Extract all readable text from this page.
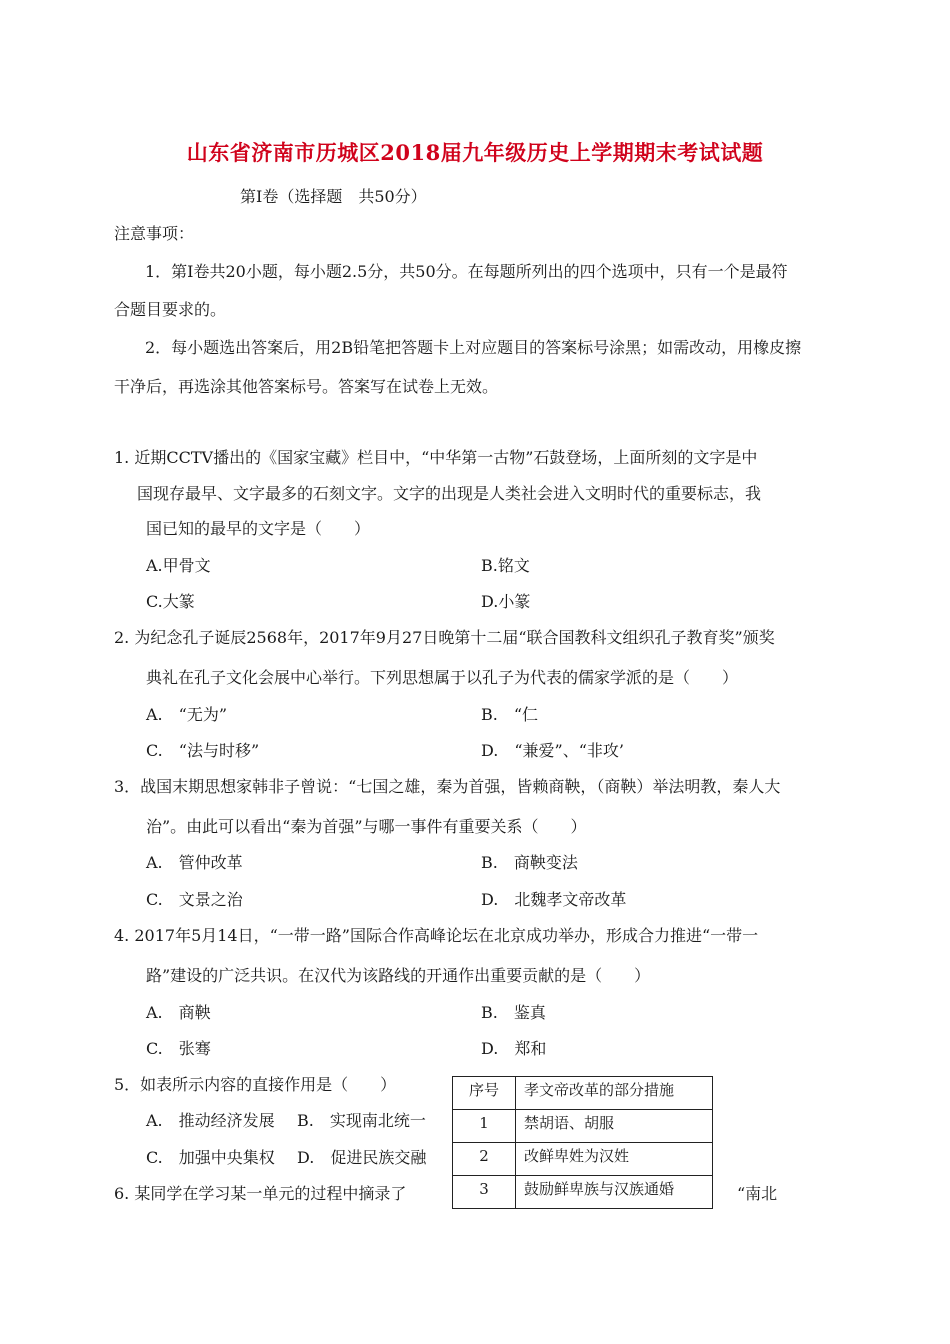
山东省济南市历城区2018届九年级历史上学期期末考试试题
第Ⅰ卷（选择题　共50分）
注意事项：
1．第Ⅰ卷共20小题，每小题2.5分，共50分。在每题所列出的四个选项中，只有一个是最符
合题目要求的。
2．每小题选出答案后，用2B铅笔把答题卡上对应题目的答案标号涂黑；如需改动，用橡皮擦
干净后，再选涂其他答案标号。答案写在试卷上无效。
1. 近期CCTV播出的《国家宝藏》栏目中，“中华第一古物”石鼓登场，上面所刻的文字是中
国现存最早、文字最多的石刻文字。文字的出现是人类社会进入文明时代的重要标志，我
国已知的最早的文字是（　　）
A.甲骨文	B.铭文
C.大篆	D.小篆
2. 为纪念孔子诞辰2568年，2017年9月27日晚第十二届“联合国教科文组织孔子教育奖”颁奖
典礼在孔子文化会展中心举行。下列思想属于以孔子为代表的儒家学派的是（　　）
A.　“无为”	B.　“仁
C.　“法与时移”	D.　“兼爱”、“非攻’
3．战国末期思想家韩非子曾说：“七国之雄，秦为首强，皆赖商鞅，（商鞅）举法明教，秦人大
治”。由此可以看出“秦为首强”与哪一事件有重要关系（　　）
A.　管仲改革	B.　商鞅变法
C.　文景之治	D.　北魏孝文帝改革
4. 2017年5月14日，“一带一路”国际合作高峰论坛在北京成功举办，形成合力推进“一带一
路”建设的广泛共识。在汉代为该路线的开通作出重要贡献的是（　　）
A.　商鞅	B.　鉴真
C.　张骞	D.　郑和
5．如表所示内容的直接作用是（　　）
A.　推动经济发展 B.　实现南北统一
C.　加强中央集权 D.　促进民族交融
序号	孝文帝改革的部分措施
1	禁胡语、胡服
2	改鲜卑姓为汉姓
3	鼓励鲜卑族与汉族通婚
6. 某同学在学习某一单元的过程中摘录了	“南北
